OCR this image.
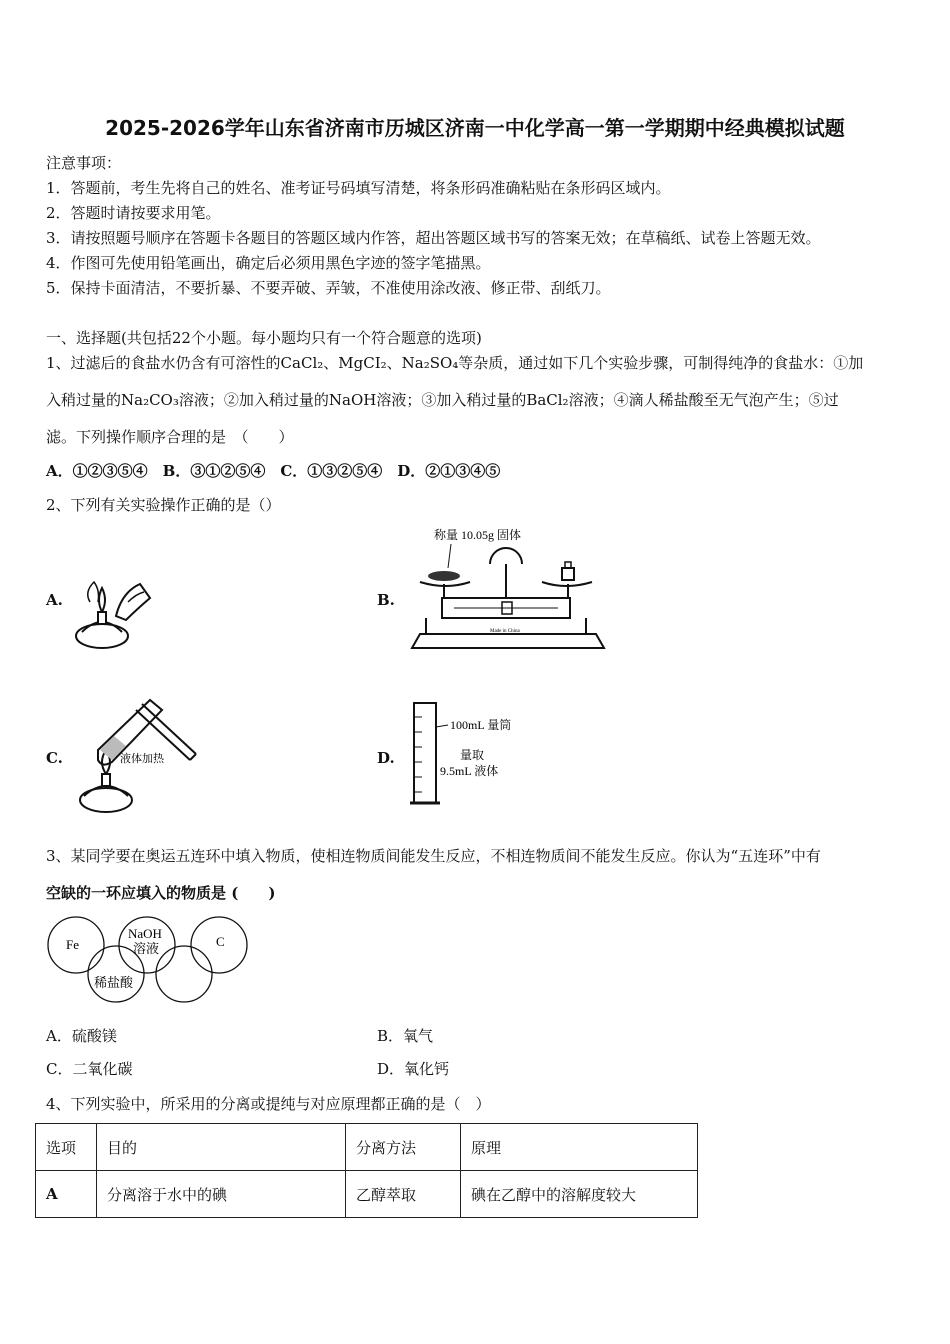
2025-2026学年山东省济南市历城区济南一中化学高一第一学期期中经典模拟试题
注意事项：
1．答题前，考生先将自己的姓名、准考证号码填写清楚，将条形码准确粘贴在条形码区域内。
2．答题时请按要求用笔。
3．请按照题号顺序在答题卡各题目的答题区域内作答，超出答题区域书写的答案无效；在草稿纸、试卷上答题无效。
4．作图可先使用铅笔画出，确定后必须用黑色字迹的签字笔描黑。
5．保持卡面清洁，不要折暴、不要弄破、弄皱，不准使用涂改液、修正带、刮纸刀。
一、选择题(共包括22个小题。每小题均只有一个符合题意的选项)
1、过滤后的食盐水仍含有可溶性的CaCl₂、MgCI₂、Na₂SO₄等杂质，通过如下几个实验步骤，可制得纯净的食盐水：①加
入稍过量的Na₂CO₃溶液；②加入稍过量的NaOH溶液；③加入稍过量的BaCl₂溶液；④滴人稀盐酸至无气泡产生；⑤过
滤。下列操作顺序合理的是　（　　）
A．①②③⑤④　B．③①②⑤④　C．①③②⑤④　D．②①③④⑤
2、下列有关实验操作正确的是（）
A.	B.
称量 10.05g 固体
Made in China
C.	液体加热	D.
100mL 量筒
量取
9.5mL 液体
3、某同学要在奥运五连环中填入物质，使相连物质间能发生反应，不相连物质间不能发生反应。你认为“五连环”中有
空缺的一环应填入的物质是 (　　)
Fe
NaOH
溶液	C
稀盐酸
A．硫酸镁	B．氧气
C．二氧化碳	D．氧化钙
4、下列实验中，所采用的分离或提纯与对应原理都正确的是（　）
选项	目的	分离方法	原理
A	分离溶于水中的碘	乙醇萃取	碘在乙醇中的溶解度较大
